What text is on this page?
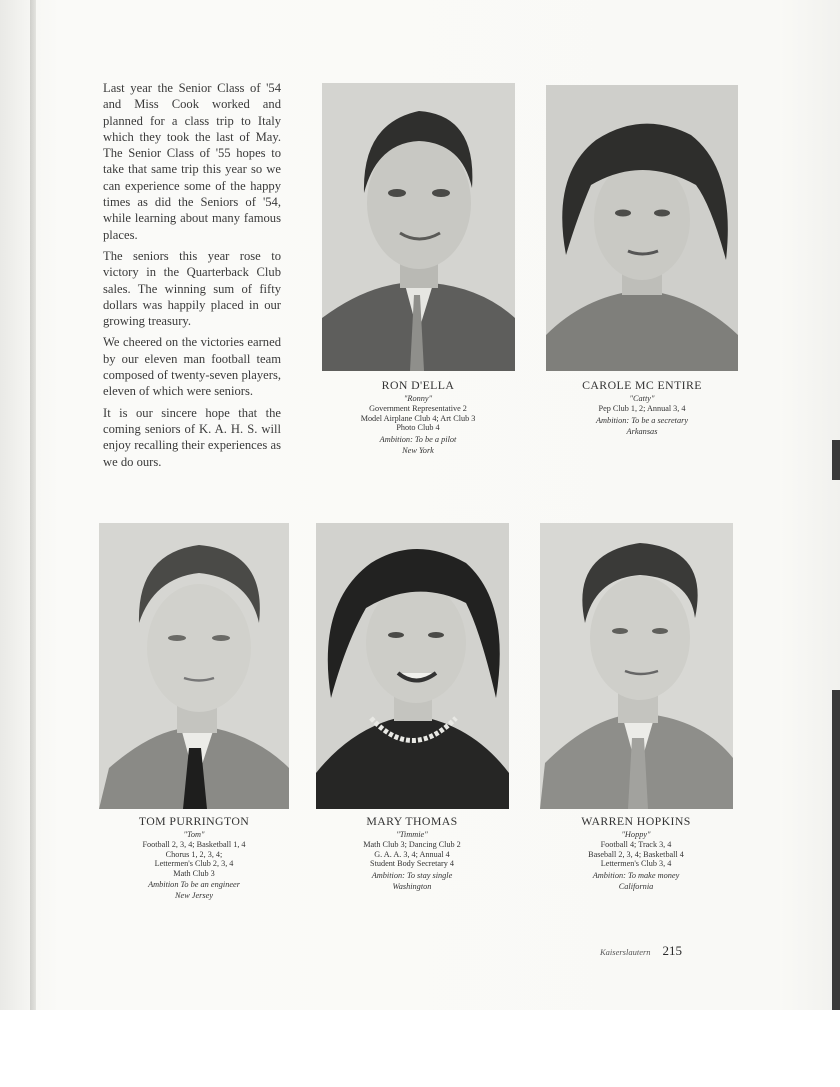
Last year the Senior Class of '54 and Miss Cook worked and planned for a class trip to Italy which they took the last of May. The Senior Class of '55 hopes to take that same trip this year so we can experience some of the happy times as did the Seniors of '54, while learning about many famous places.

The seniors this year rose to victory in the Quarterback Club sales. The winning sum of fifty dollars was happily placed in our growing treasury.

We cheered on the victories earned by our eleven man football team composed of twenty-seven players, eleven of which were seniors.

It is our sincere hope that the coming seniors of K. A. H. S. will enjoy recalling their experiences as we do ours.

RON D'ELLA
"Ronny"
Government Representative 2
Model Airplane Club 4; Art Club 3
Photo Club 4
Ambition: To be a pilot
New York
CAROLE MC ENTIRE
"Catty"
Pep Club 1, 2; Annual 3, 4
Ambition: To be a secretary
Arkansas
TOM PURRINGTON
"Tom"
Football 2, 3, 4; Basketball 1, 4
Chorus 1, 2, 3, 4;
Lettermen's Club 2, 3, 4
Math Club 3
Ambition To be an engineer
New Jersey
MARY THOMAS
"Timmie"
Math Club 3; Dancing Club 2
G. A. A. 3, 4; Annual 4
Student Body Secretary 4
Ambition: To stay single
Washington
WARREN HOPKINS
"Hoppy"
Football 4; Track 3, 4
Baseball 2, 3, 4; Basketball 4
Lettermen's Club 3, 4
Ambition: To make money
California
Kaiserslautern 215
